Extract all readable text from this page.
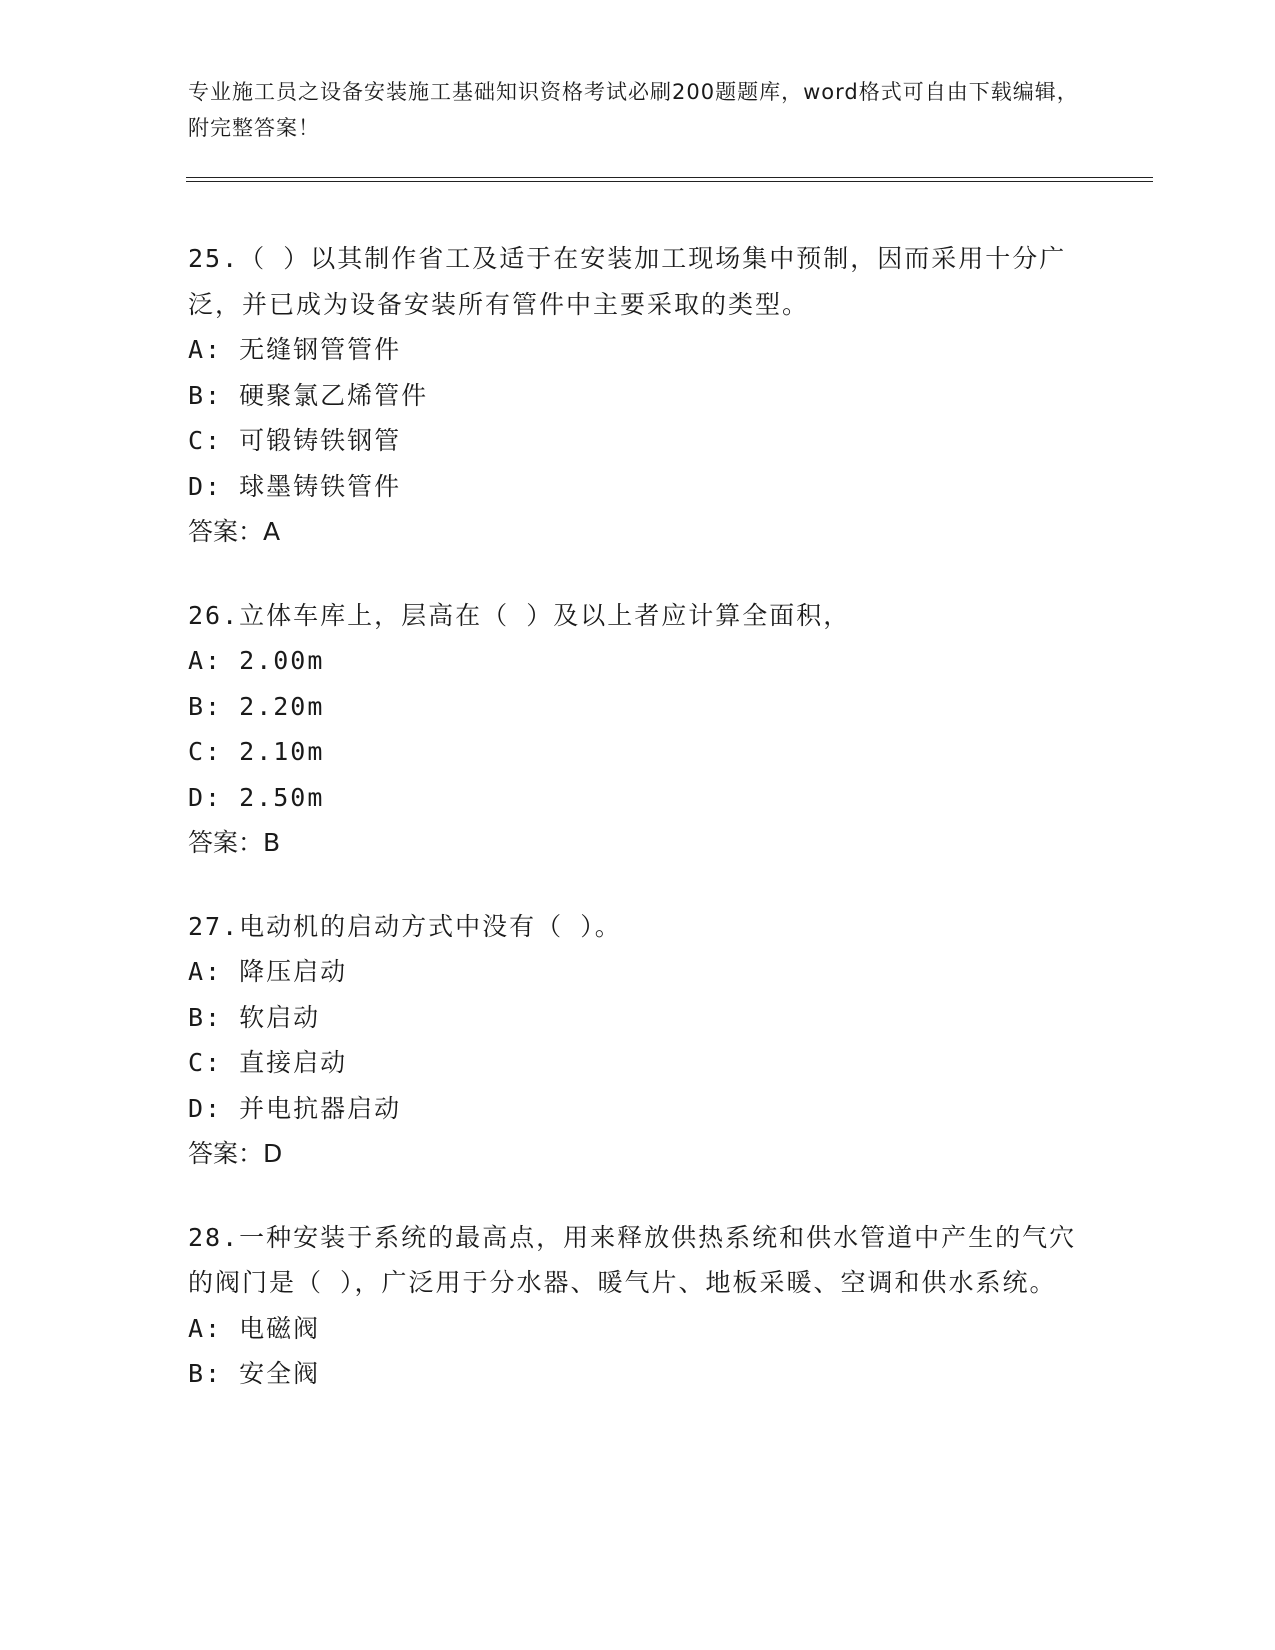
专业施工员之设备安装施工基础知识资格考试必刷200题题库，word格式可自由下载编辑，附完整答案！
25.（ ）以其制作省工及适于在安装加工现场集中预制，因而采用十分广泛，并已成为设备安装所有管件中主要采取的类型。
A: 无缝钢管管件
B: 硬聚氯乙烯管件
C: 可锻铸铁钢管
D: 球墨铸铁管件
答案：A
26.立体车库上，层高在（ ）及以上者应计算全面积，
A: 2.00m
B: 2.20m
C: 2.10m
D: 2.50m
答案：B
27.电动机的启动方式中没有（ ）。
A: 降压启动
B: 软启动
C: 直接启动
D: 并电抗器启动
答案：D
28.一种安装于系统的最高点，用来释放供热系统和供水管道中产生的气穴的阀门是（ ），广泛用于分水器、暖气片、地板采暖、空调和供水系统。
A: 电磁阀
B: 安全阀
